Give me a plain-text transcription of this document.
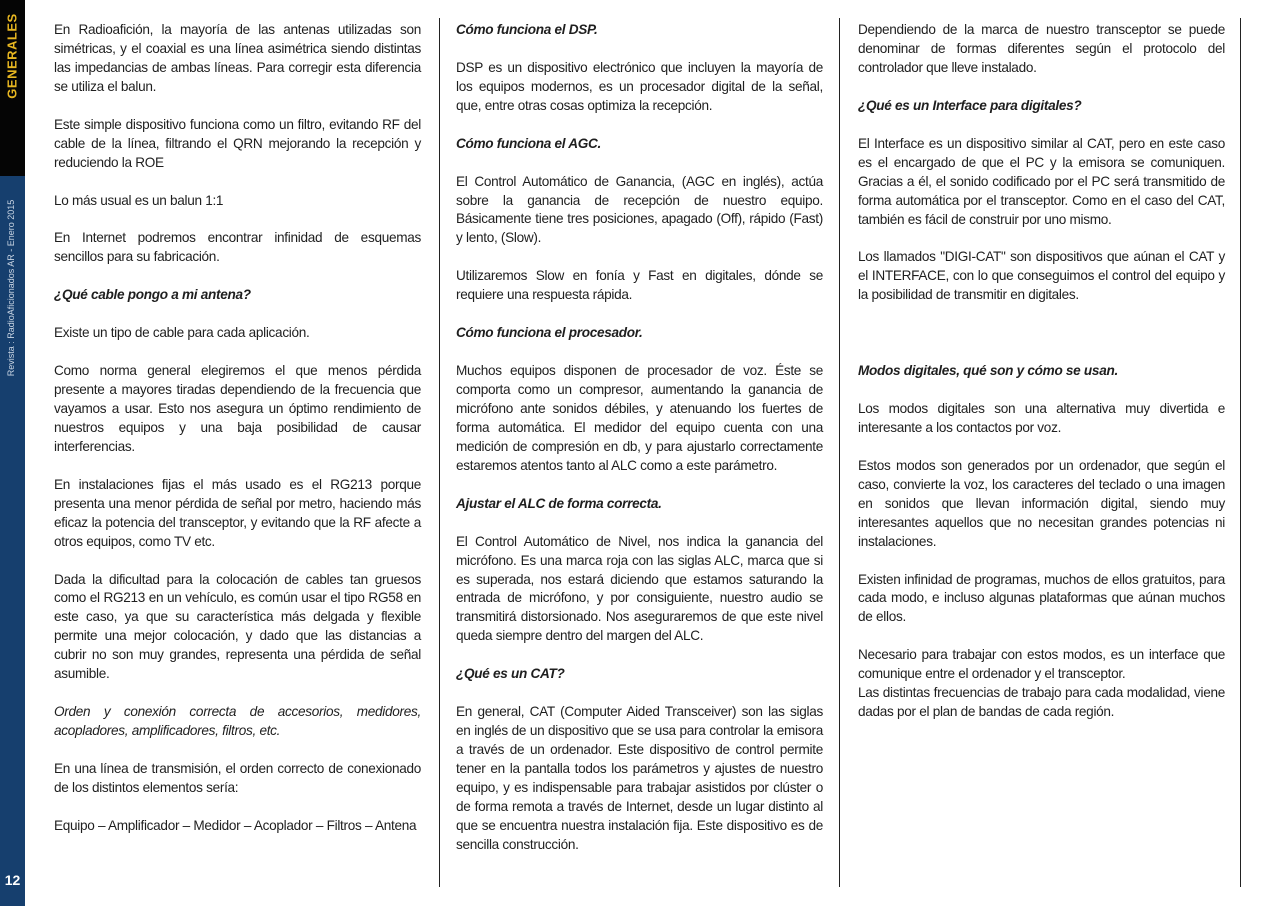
GENERALES
Revista : RadioAficionados AR - Enero 2015
12

En Radioafición, la mayoría de las antenas utilizadas son simétricas, y el coaxial es una línea asimétrica siendo distintas las impedancias de ambas líneas. Para corregir esta diferencia se utiliza el balun.

Este simple dispositivo funciona como un filtro, evitando RF del cable de la línea, filtrando el QRN mejorando la recepción y reduciendo la ROE

Lo más usual es un balun 1:1

En Internet podremos encontrar infinidad de esquemas sencillos para su fabricación.

¿Qué cable pongo a mi antena?

Existe un tipo de cable para cada aplicación.

Como norma general elegiremos el que menos pérdida presente a mayores tiradas dependiendo de la frecuencia que vayamos a usar. Esto nos asegura un óptimo rendimiento de nuestros equipos y una baja posibilidad de causar interferencias.

En instalaciones fijas el más usado es el RG213 porque presenta una menor pérdida de señal por metro, haciendo más eficaz la potencia del transceptor, y evitando que la RF afecte a otros equipos, como TV etc.

Dada la dificultad para la colocación de cables tan gruesos como el RG213 en un vehículo, es común usar el tipo RG58 en este caso, ya que su característica más delgada y flexible permite una mejor colocación, y dado que las distancias a cubrir no son muy grandes, representa una pérdida de señal asumible.

Orden y conexión correcta de accesorios, medidores, acopladores, amplificadores, filtros, etc.

En una línea de transmisión, el orden correcto de conexionado de los distintos elementos sería:

Equipo – Amplificador – Medidor – Acoplador – Filtros – Antena

Cómo funciona el DSP.

DSP es un dispositivo electrónico que incluyen la mayoría de los equipos modernos, es un procesador digital de la señal, que, entre otras cosas optimiza la recepción.

Cómo funciona el AGC.

El Control Automático de Ganancia, (AGC en inglés), actúa sobre la ganancia de recepción de nuestro equipo. Básicamente tiene tres posiciones, apagado (Off), rápido (Fast) y lento, (Slow).

Utilizaremos Slow en fonía y Fast en digitales, dónde se requiere una respuesta rápida.

Cómo funciona el procesador.

Muchos equipos disponen de procesador de voz. Éste se comporta como un compresor, aumentando la ganancia de micrófono ante sonidos débiles, y atenuando los fuertes de forma automática. El medidor del equipo cuenta con una medición de compresión en db, y para ajustarlo correctamente estaremos atentos tanto al ALC como a este parámetro.

Ajustar el ALC de forma correcta.

El Control Automático de Nivel, nos indica la ganancia del micrófono. Es una marca roja con las siglas ALC, marca que si es superada, nos estará diciendo que estamos saturando la entrada de micrófono, y por consiguiente, nuestro audio se transmitirá distorsionado. Nos aseguraremos de que este nivel queda siempre dentro del margen del ALC.

¿Qué es un CAT?

En general, CAT (Computer Aided Transceiver) son las siglas en inglés de un dispositivo que se usa para controlar la emisora a través de un ordenador. Este dispositivo de control permite tener en la pantalla todos los parámetros y ajustes de nuestro equipo, y es indispensable para trabajar asistidos por clúster o de forma remota a través de Internet, desde un lugar distinto al que se encuentra nuestra instalación fija. Este dispositivo es de sencilla construcción.

Dependiendo de la marca de nuestro transceptor se puede denominar de formas diferentes según el protocolo del controlador que lleve instalado.

¿Qué es un Interface para digitales?

El Interface es un dispositivo similar al CAT, pero en este caso es el encargado de que el PC y la emisora se comuniquen. Gracias a él, el sonido codificado por el PC será transmitido de forma automática por el transceptor. Como en el caso del CAT, también es fácil de construir por uno mismo.

Los llamados "DIGI-CAT" son dispositivos que aúnan el CAT y el INTERFACE, con lo que conseguimos el control del equipo y la posibilidad de transmitir en digitales.

Modos digitales, qué son y cómo se usan.

Los modos digitales son una alternativa muy divertida e interesante a los contactos por voz.

Estos modos son generados por un ordenador, que según el caso, convierte la voz, los caracteres del teclado o una imagen en sonidos que llevan información digital, siendo muy interesantes aquellos que no necesitan grandes potencias ni instalaciones.

Existen infinidad de programas, muchos de ellos gratuitos, para cada modo, e incluso algunas plataformas que aúnan muchos de ellos.

Necesario para trabajar con estos modos, es un interface que comunique entre el ordenador y el transceptor.

Las distintas frecuencias de trabajo para cada modalidad, viene dadas por el plan de bandas de cada región.
